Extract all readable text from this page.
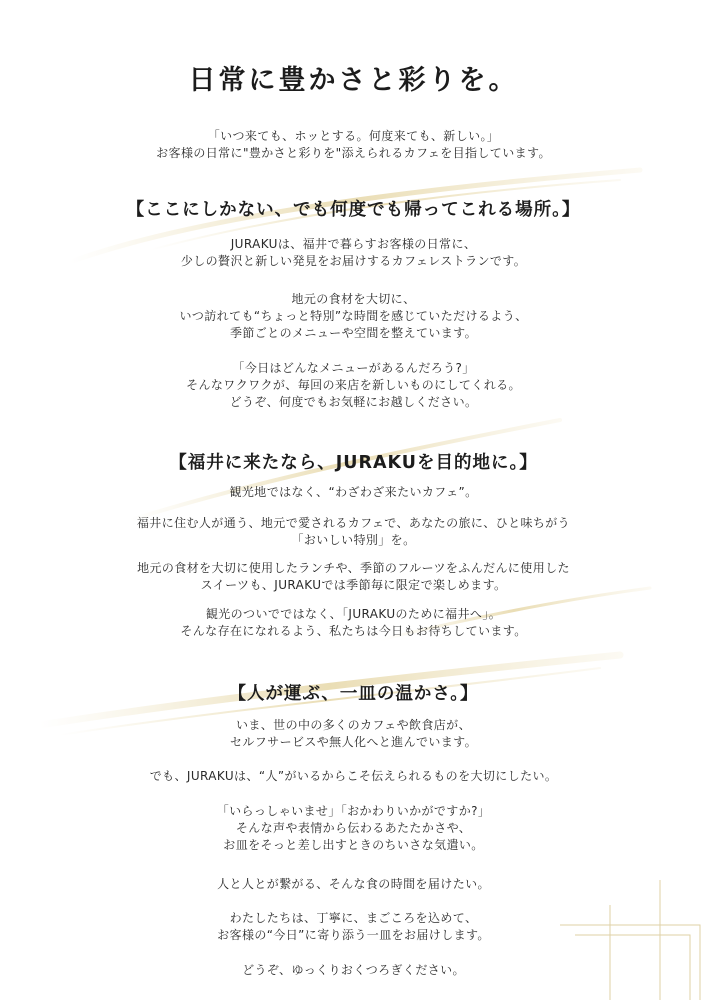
日常に豊かさと彩りを。
「いつ来ても、ホッとする。何度来ても、新しい。」
お客様の日常に"豊かさと彩りを"添えられるカフェを目指しています。
【ここにしかない、でも何度でも帰ってこれる場所。】
JURAKUは、福井で暮らすお客様の日常に、
少しの贅沢と新しい発見をお届けするカフェレストランです。
地元の食材を大切に、
いつ訪れても“ちょっと特別”な時間を感じていただけるよう、
季節ごとのメニューや空間を整えています。
「今日はどんなメニューがあるんだろう?」
そんなワクワクが、毎回の来店を新しいものにしてくれる。
どうぞ、何度でもお気軽にお越しください。
【福井に来たなら、JURAKUを目的地に。】
観光地ではなく、“わざわざ来たいカフェ”。
福井に住む人が通う、地元で愛されるカフェで、あなたの旅に、ひと味ちがう
「おいしい特別」を。
地元の食材を大切に使用したランチや、季節のフルーツをふんだんに使用した
スイーツも、JURAKUでは季節毎に限定で楽しめます。
観光のついでではなく、「JURAKUのために福井へ」。
そんな存在になれるよう、私たちは今日もお待ちしています。
【人が運ぶ、一皿の温かさ。】
いま、世の中の多くのカフェや飲食店が、
セルフサービスや無人化へと進んでいます。
でも、JURAKUは、“人”がいるからこそ伝えられるものを大切にしたい。
「いらっしゃいませ」「おかわりいかがですか?」
そんな声や表情から伝わるあたたかさや、
お皿をそっと差し出すときのちいさな気遣い。
人と人とが繋がる、そんな食の時間を届けたい。
わたしたちは、丁寧に、まごころを込めて、
お客様の“今日”に寄り添う一皿をお届けします。
どうぞ、ゆっくりおくつろぎください。
